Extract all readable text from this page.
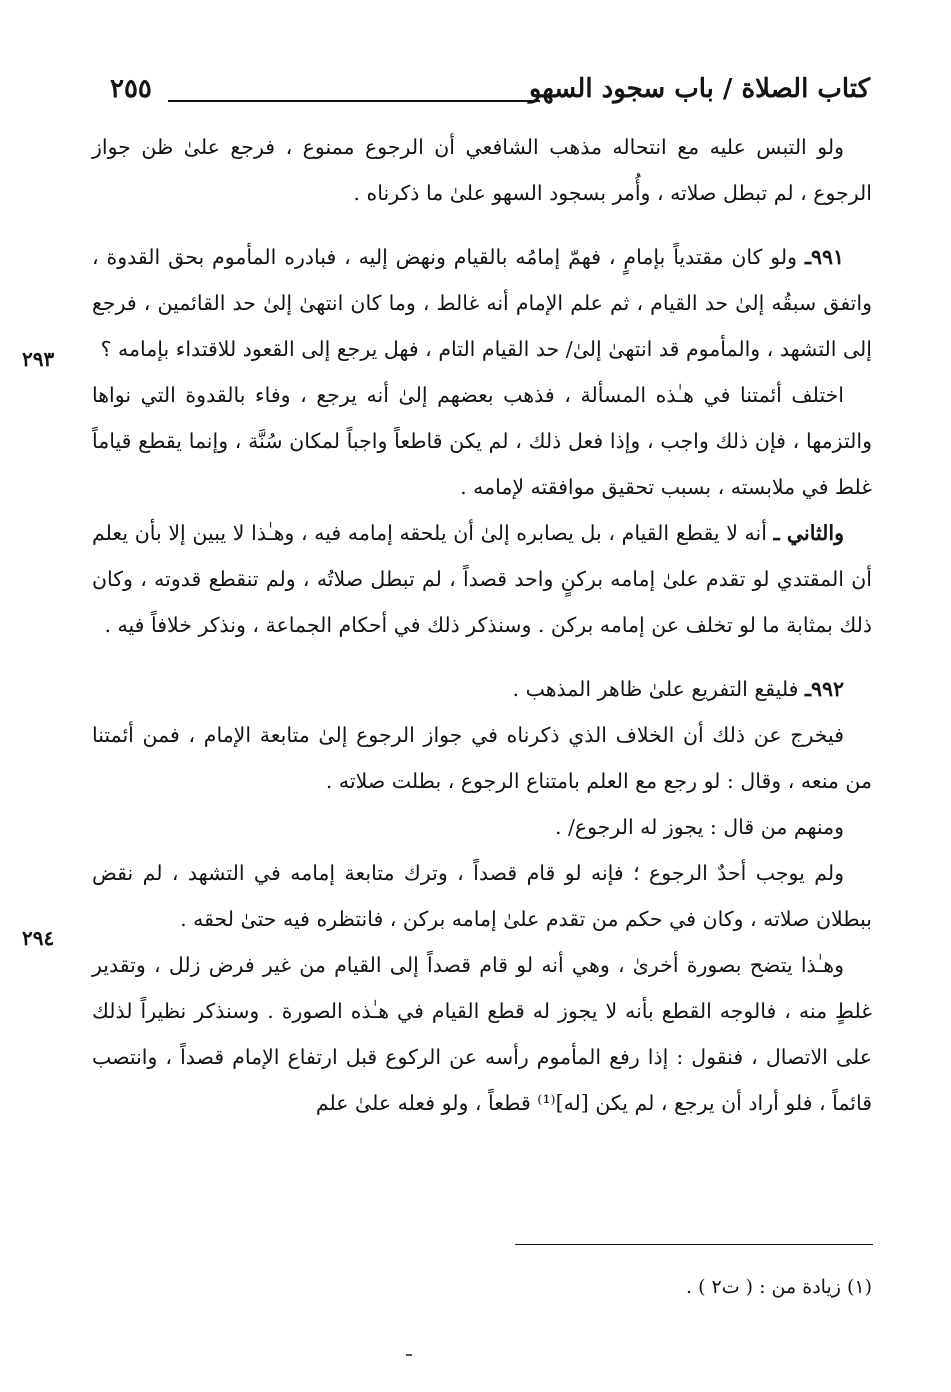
كتاب الصلاة / باب سجود السهو
٢٥٥

ولو التبس عليه مع انتحاله مذهب الشافعي أن الرجوع ممنوع ، فرجع علىٰ ظن جواز الرجوع ، لم تبطل صلاته ، وأُمر بسجود السهو علىٰ ما ذكرناه .

٩٩١ـ ولو كان مقتدياً بإمامٍ ، فهمّ إمامُه بالقيام ونهض إليه ، فبادره المأموم بحق القدوة ، واتفق سبقُه إلىٰ حد القيام ، ثم علم الإمام أنه غالط ، وما كان انتهىٰ إلىٰ حد القائمين ، فرجع إلى التشهد ، والمأموم قد انتهىٰ إلىٰ/ حد القيام التام ، فهل يرجع إلى القعود للاقتداء بإمامه ؟

اختلف أئمتنا في هـٰذه المسألة ، فذهب بعضهم إلىٰ أنه يرجع ، وفاء بالقدوة التي نواها والتزمها ، فإن ذلك واجب ، وإذا فعل ذلك ، لم يكن قاطعاً واجباً لمكان سُنَّة ، وإنما يقطع قياماً غلط في ملابسته ، بسبب تحقيق موافقته لإمامه .

والثاني ـ أنه لا يقطع القيام ، بل يصابره إلىٰ أن يلحقه إمامه فيه ، وهـٰذا لا يبين إلا بأن يعلم أن المقتدي لو تقدم علىٰ إمامه بركنٍ واحد قصداً ، لم تبطل صلاتُه ، ولم تنقطع قدوته ، وكان ذلك بمثابة ما لو تخلف عن إمامه بركن . وسنذكر ذلك في أحكام الجماعة ، ونذكر خلافاً فيه .

٩٩٢ـ فليقع التفريع علىٰ ظاهر المذهب .

فيخرج عن ذلك أن الخلاف الذي ذكرناه في جواز الرجوع إلىٰ متابعة الإمام ، فمن أئمتنا من منعه ، وقال : لو رجع مع العلم بامتناع الرجوع ، بطلت صلاته .

ومنهم من قال : يجوز له الرجوع/ .

ولم يوجب أحدٌ الرجوع ؛ فإنه لو قام قصداً ، وترك متابعة إمامه في التشهد ، لم نقض ببطلان صلاته ، وكان في حكم من تقدم علىٰ إمامه بركن ، فانتظره فيه حتىٰ لحقه .

وهـٰذا يتضح بصورة أخرىٰ ، وهي أنه لو قام قصداً إلى القيام من غير فرض زلل ، وتقدير غلطٍ منه ، فالوجه القطع بأنه لا يجوز له قطع القيام في هـٰذه الصورة . وسنذكر نظيراً لذلك على الاتصال ، فنقول : إذا رفع المأموم رأسه عن الركوع قبل ارتفاع الإمام قصداً ، وانتصب قائماً ، فلو أراد أن يرجع ، لم يكن [له]⁽¹⁾ قطعاً ، ولو فعله علىٰ علم

٢٩٣
٢٩٤
(١) زيادة من : ( ت٢ ) .
